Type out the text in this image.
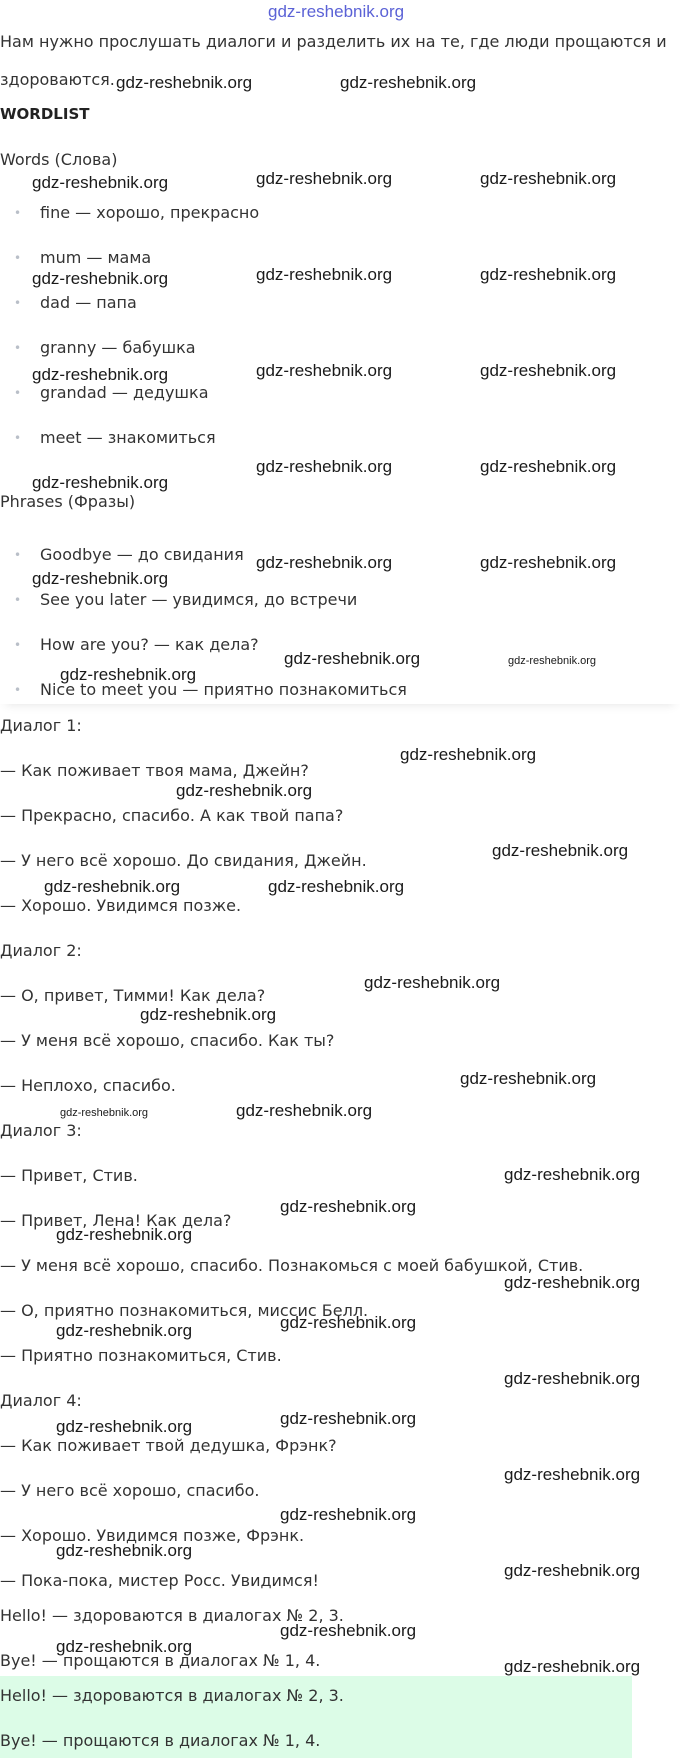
gdz-reshebnik.org
Нам нужно прослушать диалоги и разделить их на те, где люди прощаются и
здороваются.
WORDLIST
Words (Слова)
• fine — хорошо, прекрасно
• mum — мама
• dad — папа
• granny — бабушка
• grandad — дедушка
• meet — знакомиться
Phrases (Фразы)
• Goodbye — до свидания
• See you later — увидимся, до встречи
• How are you? — как дела?
• Nice to meet you — приятно познакомиться
Диалог 1:
— Как поживает твоя мама, Джейн?
— Прекрасно, спасибо. А как твой папа?
— У него всё хорошо. До свидания, Джейн.
— Хорошо. Увидимся позже.
Диалог 2:
— О, привет, Тимми! Как дела?
— У меня всё хорошо, спасибо. Как ты?
— Неплохо, спасибо.
Диалог 3:
— Привет, Стив.
— Привет, Лена! Как дела?
— У меня всё хорошо, спасибо. Познакомься с моей бабушкой, Стив.
— О, приятно познакомиться, миссис Белл.
— Приятно познакомиться, Стив.
Диалог 4:
— Как поживает твой дедушка, Фрэнк?
— У него всё хорошо, спасибо.
— Хорошо. Увидимся позже, Фрэнк.
— Пока-пока, мистер Росс. Увидимся!
Hello! — здороваются в диалогах № 2, 3.
Bye! — прощаются в диалогах № 1, 4.
Hello! — здороваются в диалогах № 2, 3.
Bye! — прощаются в диалогах № 1, 4.
gdz-reshebnik.org	gdz-reshebnik.org
gdz-reshebnik.org	gdz-reshebnik.org	gdz-reshebnik.org
gdz-reshebnik.org	gdz-reshebnik.org	gdz-reshebnik.org
gdz-reshebnik.org	gdz-reshebnik.org	gdz-reshebnik.org
gdz-reshebnik.org
gdz-reshebnik.org	gdz-reshebnik.org
gdz-reshebnik.org	gdz-reshebnik.org
gdz-reshebnik.org
gdz-reshebnik.org	gdz-reshebnik.org
gdz-reshebnik.org
gdz-reshebnik.org
gdz-reshebnik.org
gdz-reshebnik.org
gdz-reshebnik.org	gdz-reshebnik.org
gdz-reshebnik.org
gdz-reshebnik.org
gdz-reshebnik.org
gdz-reshebnik.org	gdz-reshebnik.org
gdz-reshebnik.org
gdz-reshebnik.org
gdz-reshebnik.org
gdz-reshebnik.org
gdz-reshebnik.org
gdz-reshebnik.org
gdz-reshebnik.org
gdz-reshebnik.org
gdz-reshebnik.org
gdz-reshebnik.org
gdz-reshebnik.org
gdz-reshebnik.org
gdz-reshebnik.org
gdz-reshebnik.org
gdz-reshebnik.org
gdz-reshebnik.org
